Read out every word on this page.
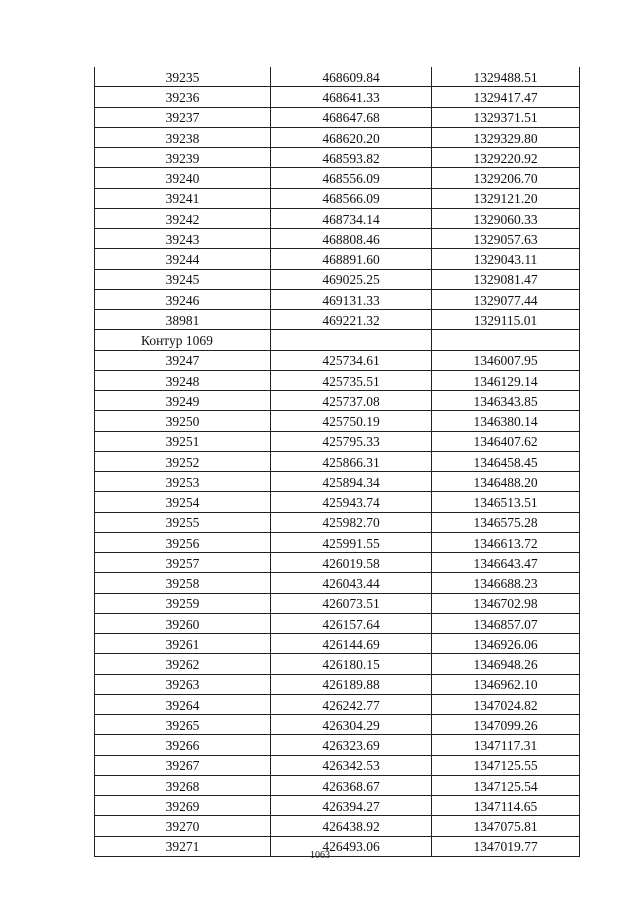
39235	468609.84	1329488.51
39236	468641.33	1329417.47
39237	468647.68	1329371.51
39238	468620.20	1329329.80
39239	468593.82	1329220.92
39240	468556.09	1329206.70
39241	468566.09	1329121.20
39242	468734.14	1329060.33
39243	468808.46	1329057.63
39244	468891.60	1329043.11
39245	469025.25	1329081.47
39246	469131.33	1329077.44
38981	469221.32	1329115.01
Контур 1069
39247	425734.61	1346007.95
39248	425735.51	1346129.14
39249	425737.08	1346343.85
39250	425750.19	1346380.14
39251	425795.33	1346407.62
39252	425866.31	1346458.45
39253	425894.34	1346488.20
39254	425943.74	1346513.51
39255	425982.70	1346575.28
39256	425991.55	1346613.72
39257	426019.58	1346643.47
39258	426043.44	1346688.23
39259	426073.51	1346702.98
39260	426157.64	1346857.07
39261	426144.69	1346926.06
39262	426180.15	1346948.26
39263	426189.88	1346962.10
39264	426242.77	1347024.82
39265	426304.29	1347099.26
39266	426323.69	1347117.31
39267	426342.53	1347125.55
39268	426368.67	1347125.54
39269	426394.27	1347114.65
39270	426438.92	1347075.81
39271	426493.06	1347019.77
1063
